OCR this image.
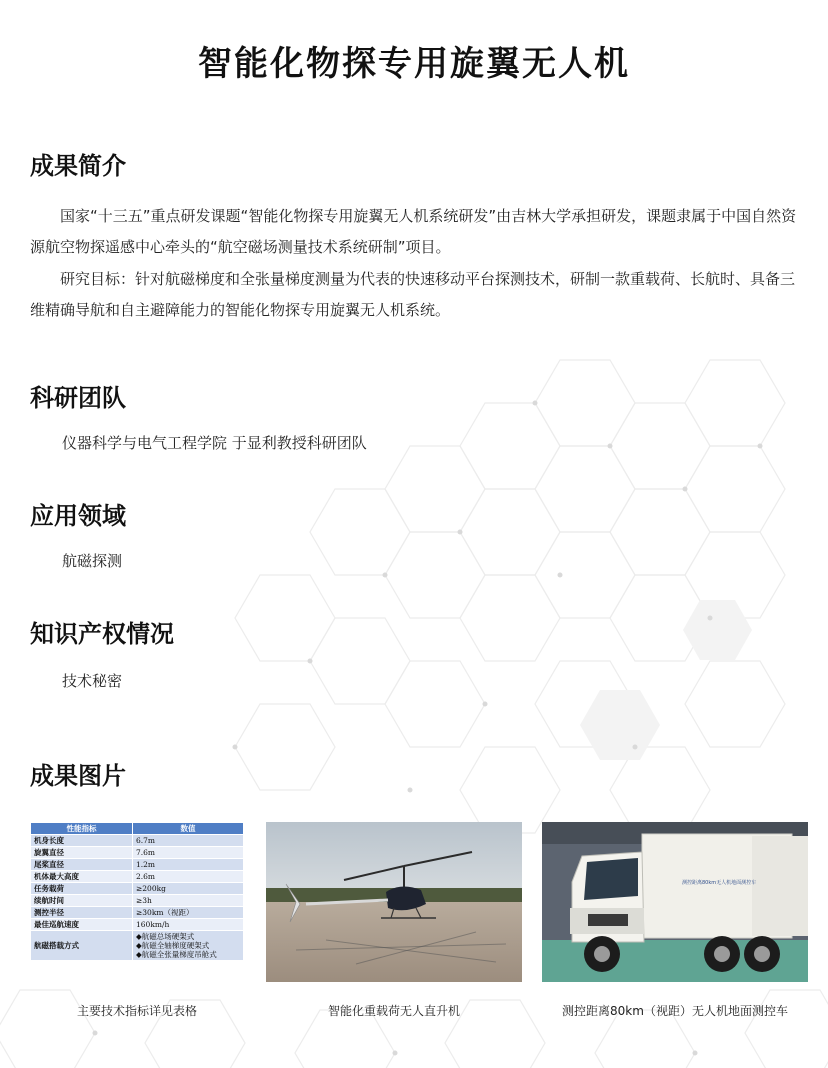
智能化物探专用旋翼无人机
成果简介
国家“十三五”重点研发课题“智能化物探专用旋翼无人机系统研发”由吉林大学承担研发，课题隶属于中国自然资源航空物探遥感中心牵头的“航空磁场测量技术系统研制”项目。
研究目标：针对航磁梯度和全张量梯度测量为代表的快速移动平台探测技术，研制一款重载荷、长航时、具备三维精确导航和自主避障能力的智能化物探专用旋翼无人机系统。
科研团队
仪器科学与电气工程学院 于显利教授科研团队
应用领域
航磁探测
知识产权情况
技术秘密
成果图片
性能指标	数值
机身长度	6.7m
旋翼直径	7.6m
尾桨直径	1.2m
机体最大高度	2.6m
任务载荷	≥200kg
续航时间	≥3h
测控半径	≥30km（视距）
最佳巡航速度	160km/h
航磁搭载方式	◆航磁总场硬架式
◆航磁全轴梯度硬架式
◆航磁全张量梯度吊舱式
测控距离80km无人机地面测控车
主要技术指标详见表格	智能化重载荷无人直升机	测控距离80km（视距）无人机地面测控车
